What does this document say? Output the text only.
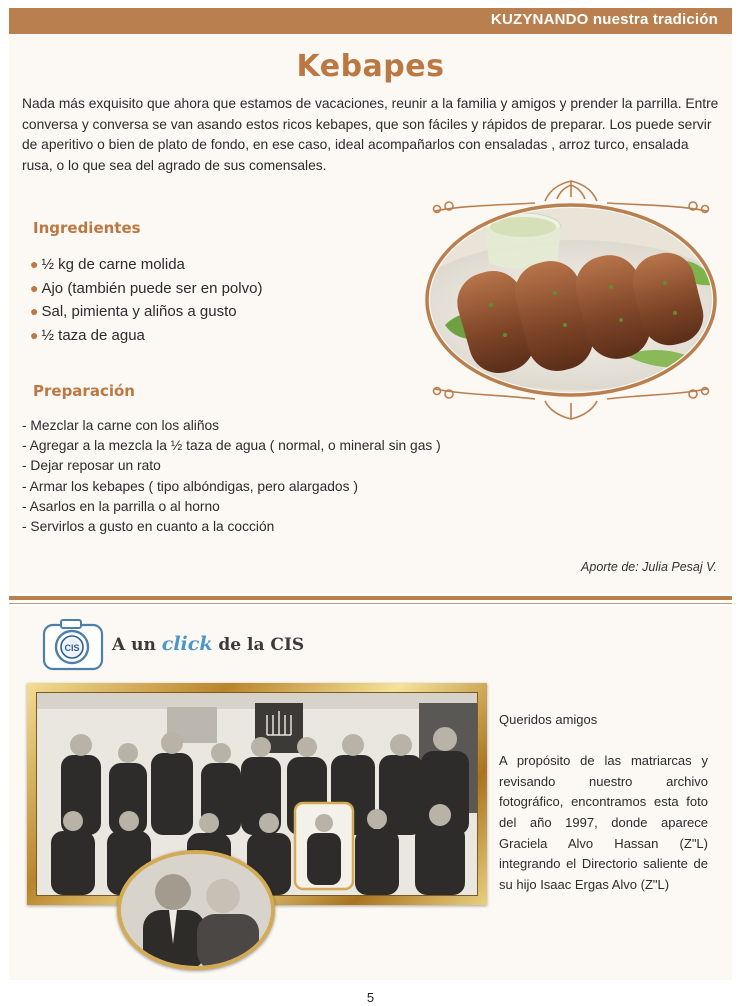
KUZYNANDO nuestra tradición
Kebapes

Nada más exquisito que ahora que estamos de vacaciones, reunir a la familia y amigos y prender la parrilla. Entre conversa y conversa se van asando estos ricos kebapes, que son fáciles y rápidos de preparar. Los puede servir de aperitivo o bien de plato de fondo, en ese caso, ideal acompañarlos con ensaladas , arroz turco, ensalada rusa, o lo que sea del agrado de sus comensales.

Ingredientes
● ½ kg de carne molida
● Ajo (también puede ser en polvo)
● Sal, pimienta y aliños a gusto
● ½ taza de agua
Preparación
- Mezclar la carne con los aliños
- Agregar a la mezcla la ½ taza de agua ( normal, o mineral sin gas )
- Dejar reposar un rato
- Armar los kebapes ( tipo albóndigas, pero alargados )
- Asarlos en la parrilla o al horno
- Servirlos a gusto en cuanto a la cocción
Aporte de: Julia Pesaj V.
CIS A un click de la CIS

Queridos amigos

A propósito de las matriarcas y revisando nuestro archivo fotográfico, encontramos esta foto del año 1997, donde aparece Graciela Alvo Hassan (Z"L) integrando el Directorio saliente de su hijo Isaac Ergas Alvo (Z"L)

5
